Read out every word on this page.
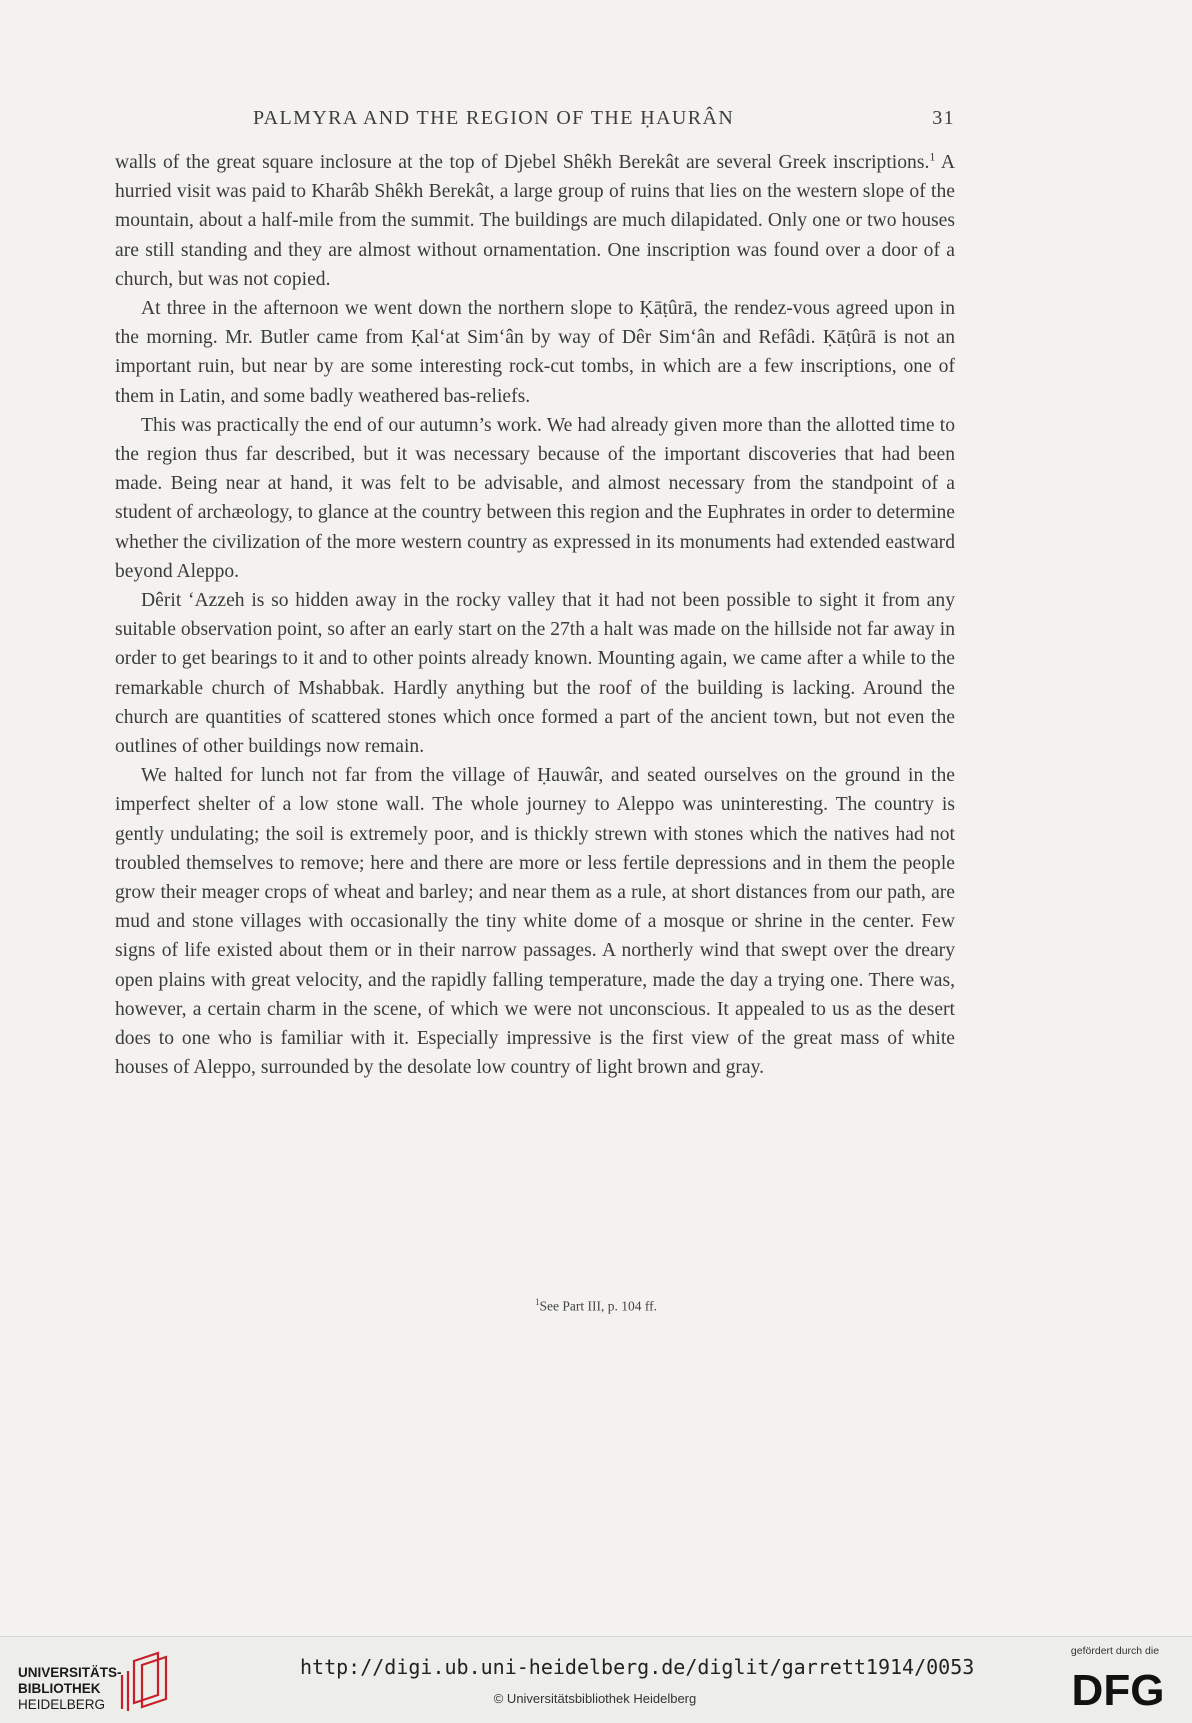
PALMYRA AND THE REGION OF THE ḤAURÂN	31

walls of the great square inclosure at the top of Djebel Shêkh Berekât are several Greek inscriptions.$^1$ A hurried visit was paid to Kharâb Shêkh Berekât, a large group of ruins that lies on the western slope of the mountain, about a half-mile from the summit. The buildings are much dilapidated. Only one or two houses are still standing and they are almost without ornamentation. One inscription was found over a door of a church, but was not copied.

At three in the afternoon we went down the northern slope to Ḳāṭûrā, the rendez-vous agreed upon in the morning. Mr. Butler came from Ḳal‘at Sim‘ân by way of Dêr Sim‘ân and Refâdi. Ḳāṭûrā is not an important ruin, but near by are some interesting rock-cut tombs, in which are a few inscriptions, one of them in Latin, and some badly weathered bas-reliefs.

This was practically the end of our autumn’s work. We had already given more than the allotted time to the region thus far described, but it was necessary because of the important discoveries that had been made. Being near at hand, it was felt to be advisable, and almost necessary from the standpoint of a student of archæology, to glance at the country between this region and the Euphrates in order to determine whether the civilization of the more western country as expressed in its monuments had extended eastward beyond Aleppo.

Dêrit ‘Azzeh is so hidden away in the rocky valley that it had not been possible to sight it from any suitable observation point, so after an early start on the 27th a halt was made on the hillside not far away in order to get bearings to it and to other points already known. Mounting again, we came after a while to the remarkable church of Mshabbak. Hardly anything but the roof of the building is lacking. Around the church are quantities of scattered stones which once formed a part of the ancient town, but not even the outlines of other buildings now remain.

We halted for lunch not far from the village of Ḥauwâr, and seated ourselves on the ground in the imperfect shelter of a low stone wall. The whole journey to Aleppo was uninteresting. The country is gently undulating; the soil is extremely poor, and is thickly strewn with stones which the natives had not troubled themselves to remove; here and there are more or less fertile depressions and in them the people grow their meager crops of wheat and barley; and near them as a rule, at short distances from our path, are mud and stone villages with occasionally the tiny white dome of a mosque or shrine in the center. Few signs of life existed about them or in their narrow passages. A northerly wind that swept over the dreary open plains with great velocity, and the rapidly falling temperature, made the day a trying one. There was, however, a certain charm in the scene, of which we were not unconscious. It appealed to us as the desert does to one who is familiar with it. Especially impressive is the first view of the great mass of white houses of Aleppo, surrounded by the desolate low country of light brown and gray.

$^1$See Part III, p. 104 ff.
UNIVERSITÄTS-
BIBLIOTHEK
HEIDELBERG
http://digi.ub.uni-heidelberg.de/diglit/garrett1914/0053
© Universitätsbibliothek Heidelberg
gefördert durch die
DFG
